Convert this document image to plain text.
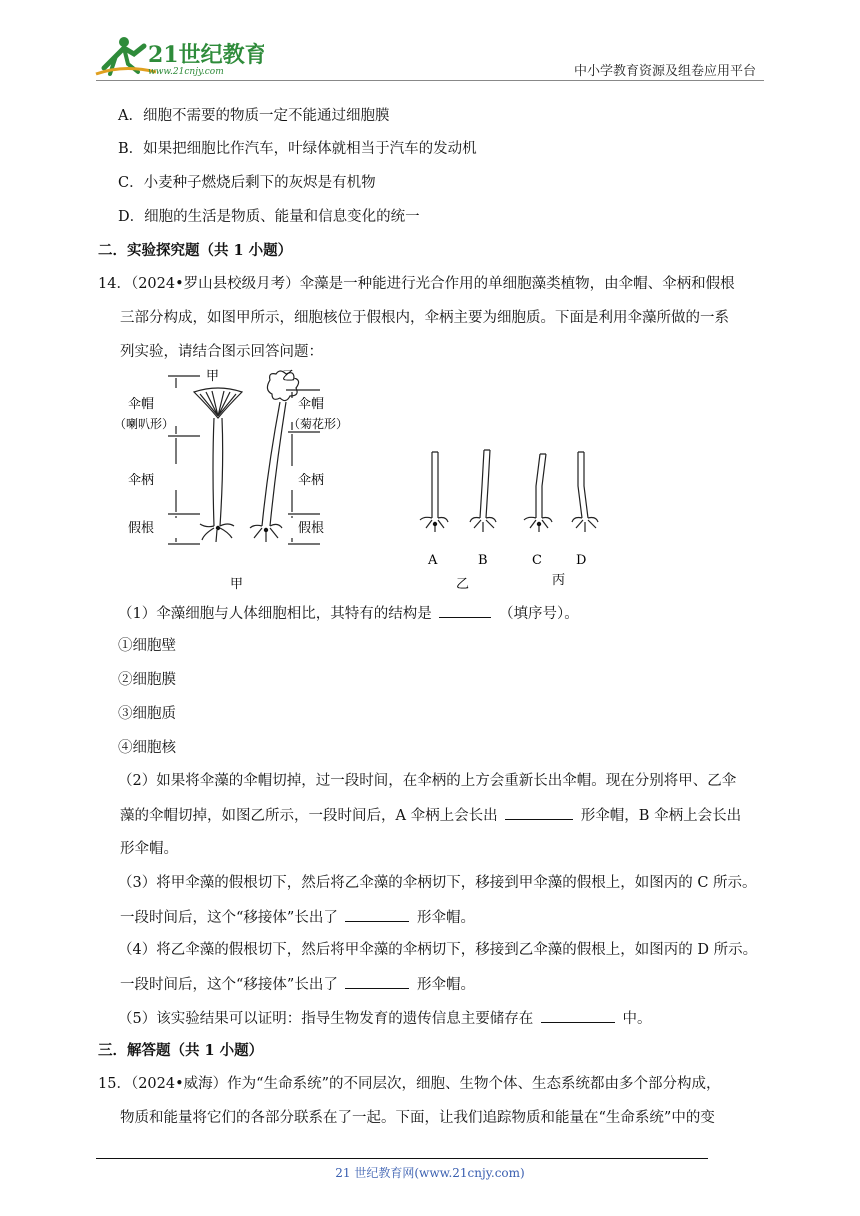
21世纪教育
www.21cnjy.com	中小学教育资源及组卷应用平台
A．细胞不需要的物质一定不能通过细胞膜
B．如果把细胞比作汽车，叶绿体就相当于汽车的发动机
C．小麦种子燃烧后剩下的灰烬是有机物
D．细胞的生活是物质、能量和信息变化的统一
二．实验探究题（共 1 小题）
14．（2024•罗山县校级月考）伞藻是一种能进行光合作用的单细胞藻类植物，由伞帽、伞柄和假根
三部分构成，如图甲所示，细胞核位于假根内，伞柄主要为细胞质。下面是利用伞藻所做的一系
列实验，请结合图示回答问题：
甲	乙
伞帽
（喇叭形）
伞柄
假根
伞帽
（菊花形）
伞柄
假根
甲
A	B	C	D
乙	丙
（1）伞藻细胞与人体细胞相比，其特有的结构是	（填序号）。
①细胞壁
②细胞膜
③细胞质
④细胞核
（2）如果将伞藻的伞帽切掉，过一段时间，在伞柄的上方会重新长出伞帽。现在分别将甲、乙伞
藻的伞帽切掉，如图乙所示，一段时间后，A 伞柄上会长出	形伞帽，B 伞柄上会长出
形伞帽。
（3）将甲伞藻的假根切下，然后将乙伞藻的伞柄切下，移接到甲伞藻的假根上，如图丙的 C 所示。
一段时间后，这个“移接体”长出了	形伞帽。
（4）将乙伞藻的假根切下，然后将甲伞藻的伞柄切下，移接到乙伞藻的假根上，如图丙的 D 所示。
一段时间后，这个“移接体”长出了	形伞帽。
（5）该实验结果可以证明：指导生物发育的遗传信息主要储存在	中。
三．解答题（共 1 小题）
15．（2024•威海）作为“生命系统”的不同层次，细胞、生物个体、生态系统都由多个部分构成，
物质和能量将它们的各部分联系在了一起。下面，让我们追踪物质和能量在“生命系统”中的变
21 世纪教育网(www.21cnjy.com)
